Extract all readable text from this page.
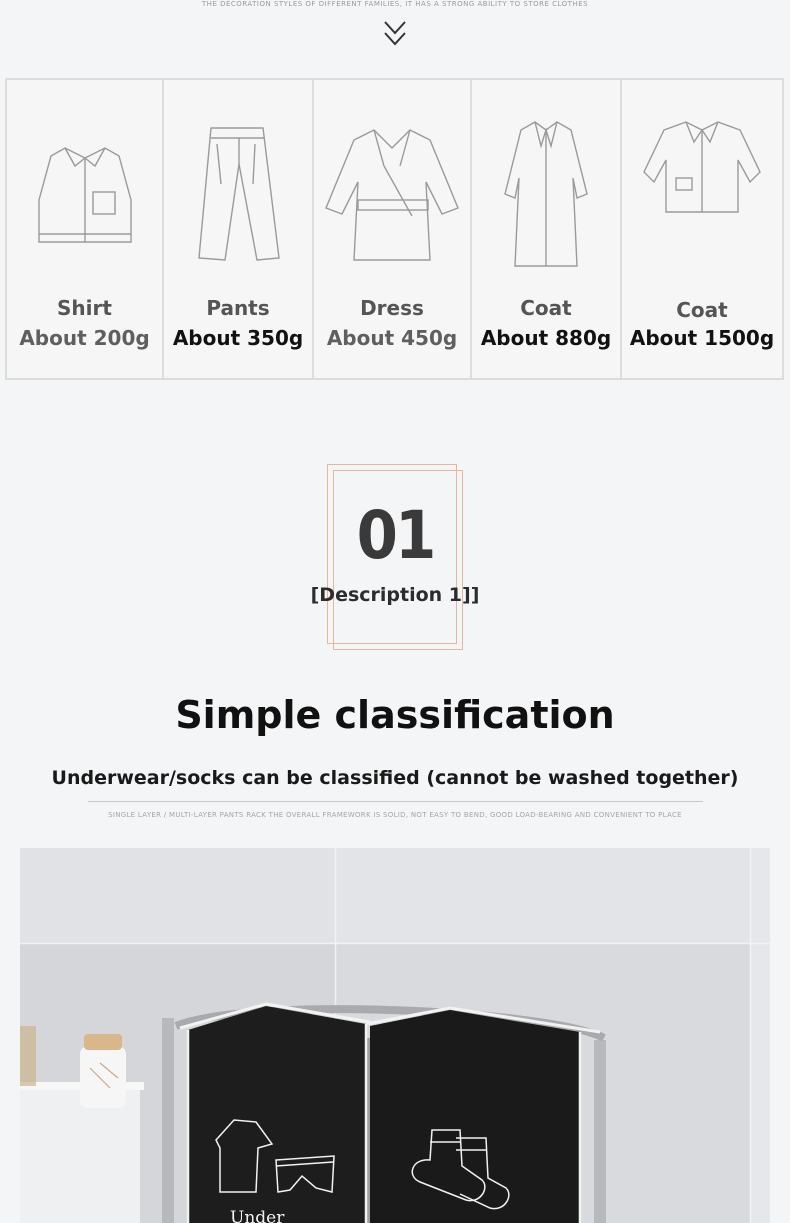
THE DECORATION STYLES OF DIFFERENT FAMILIES, IT HAS A STRONG ABILITY TO STORE CLOTHES
Shirt
About 200g
Pants
About 350g
Dress
About 450g
Coat
About 880g
Coat
About 1500g
01
[Description 1]]
Simple classification
Underwear/socks can be classified (cannot be washed together)
SINGLE LAYER / MULTI-LAYER PANTS RACK THE OVERALL FRAMEWORK IS SOLID, NOT EASY TO BEND, GOOD LOAD-BEARING AND CONVENIENT TO PLACE
Under
